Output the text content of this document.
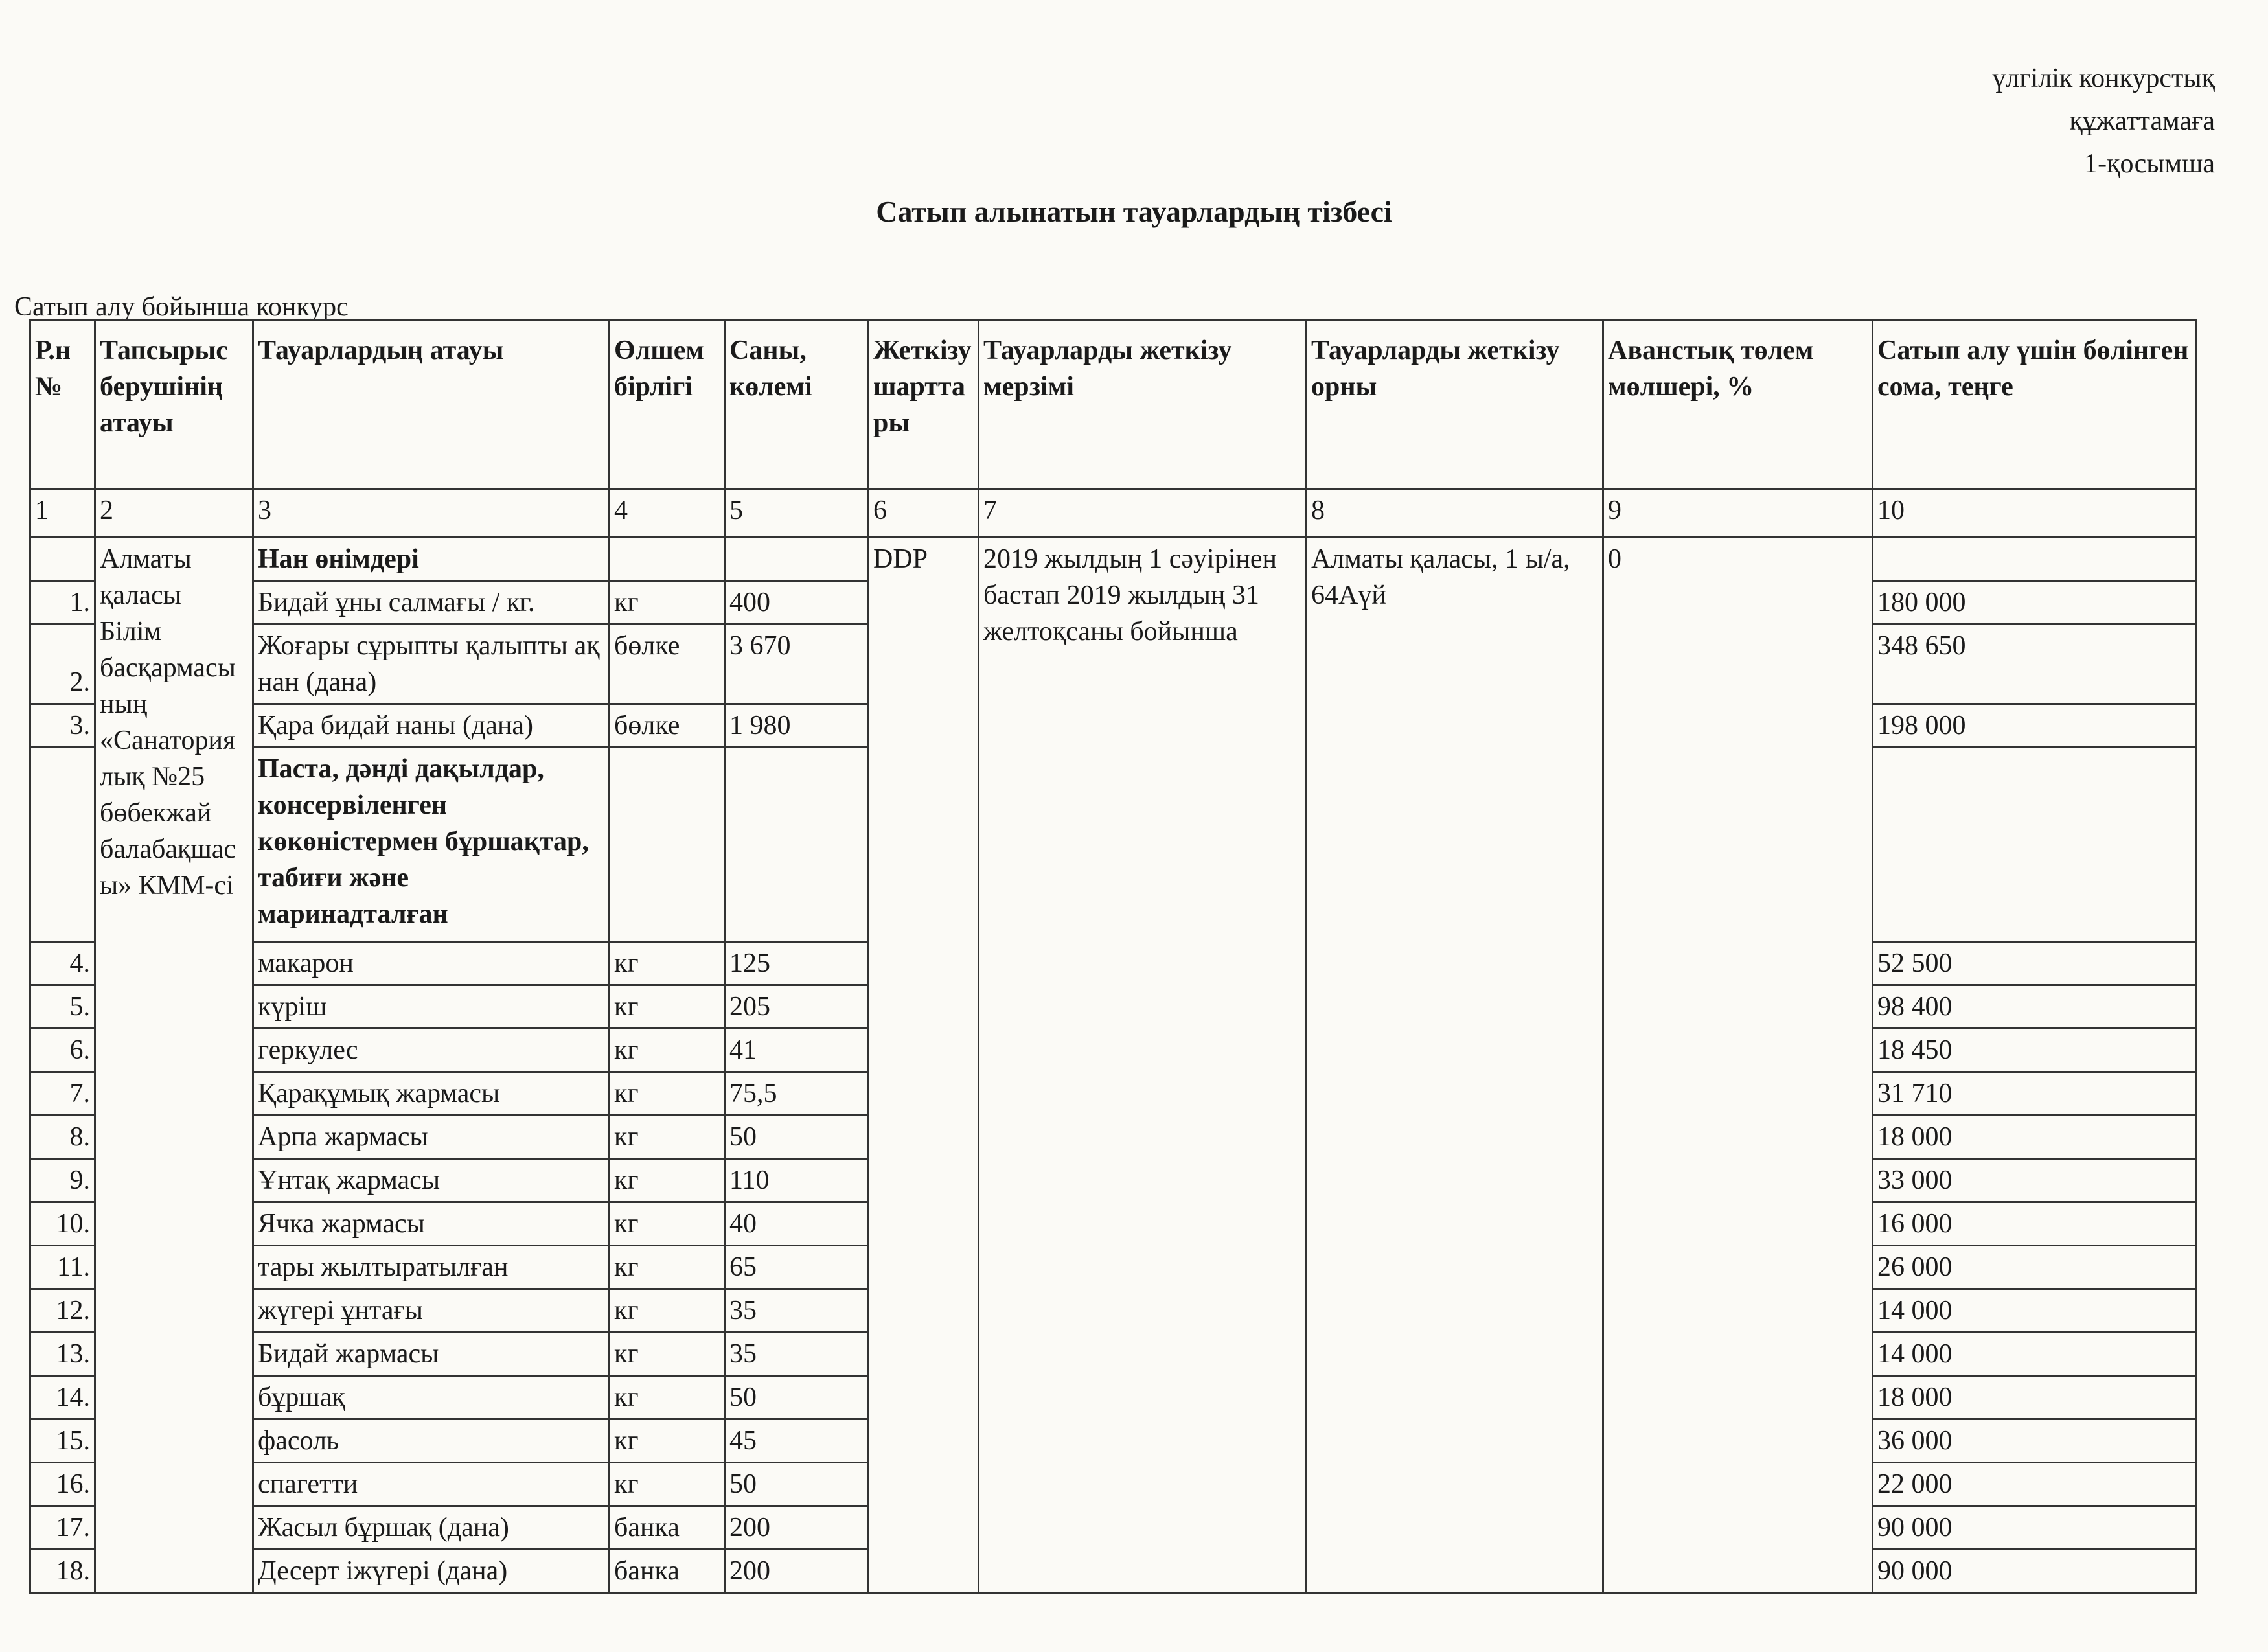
үлгілік конкурстық
құжаттамаға
1-қосымша
Сатып алынатын тауарлардың тізбесі
Сатып алу бойынша конкурс
Р.н №	Тапсырыс берушінің атауы	Тауарлардың атауы	Өлшем бірлігі	Саны, көлемі	Жеткізу шарттары	Тауарларды жеткізу мерзімі	Тауарларды жеткізу орны	Аванстық төлем мөлшері, %	Сатып алу үшін бөлінген сома, теңге
1	2	3	4	5	6	7	8	9	10
	Алматы қаласы Білім басқармасының «Санаториялық №25 бөбекжай балабақшасы» КММ-сі	Нан өнімдері			DDP	2019 жылдың 1 сәуірінен бастап 2019 жылдың 31 желтоқсаны бойынша	Алматы қаласы, 1 ы/а, 64Аүй	0	
1.		Бидай ұны салмағы / кг.	кг	400					180 000
2.		Жоғары сұрыпты қалыпты ақ нан (дана)	бөлке	3 670					348 650
3.		Қара бидай наны (дана)	бөлке	1 980					198 000
		Паста, дәнді дақылдар, консервіленген көкөністермен бұршақтар, табиғи және маринадталған							
4.		макарон	кг	125					52 500
5.		күріш	кг	205					98 400
6.		геркулес	кг	41					18 450
7.		Қарақұмық жармасы	кг	75,5					31 710
8.		Арпа жармасы	кг	50					18 000
9.		Ұнтақ жармасы	кг	110					33 000
10.		Ячка жармасы	кг	40					16 000
11.		тары жылтыратылған	кг	65					26 000
12.		жүгері ұнтағы	кг	35					14 000
13.		Бидай жармасы	кг	35					14 000
14.		бұршақ	кг	50					18 000
15.		фасоль	кг	45					36 000
16.		спагетти	кг	50					22 000
17.		Жасыл бұршақ (дана)	банка	200					90 000
18.		Десерт іжүгері (дана)	банка	200					90 000
